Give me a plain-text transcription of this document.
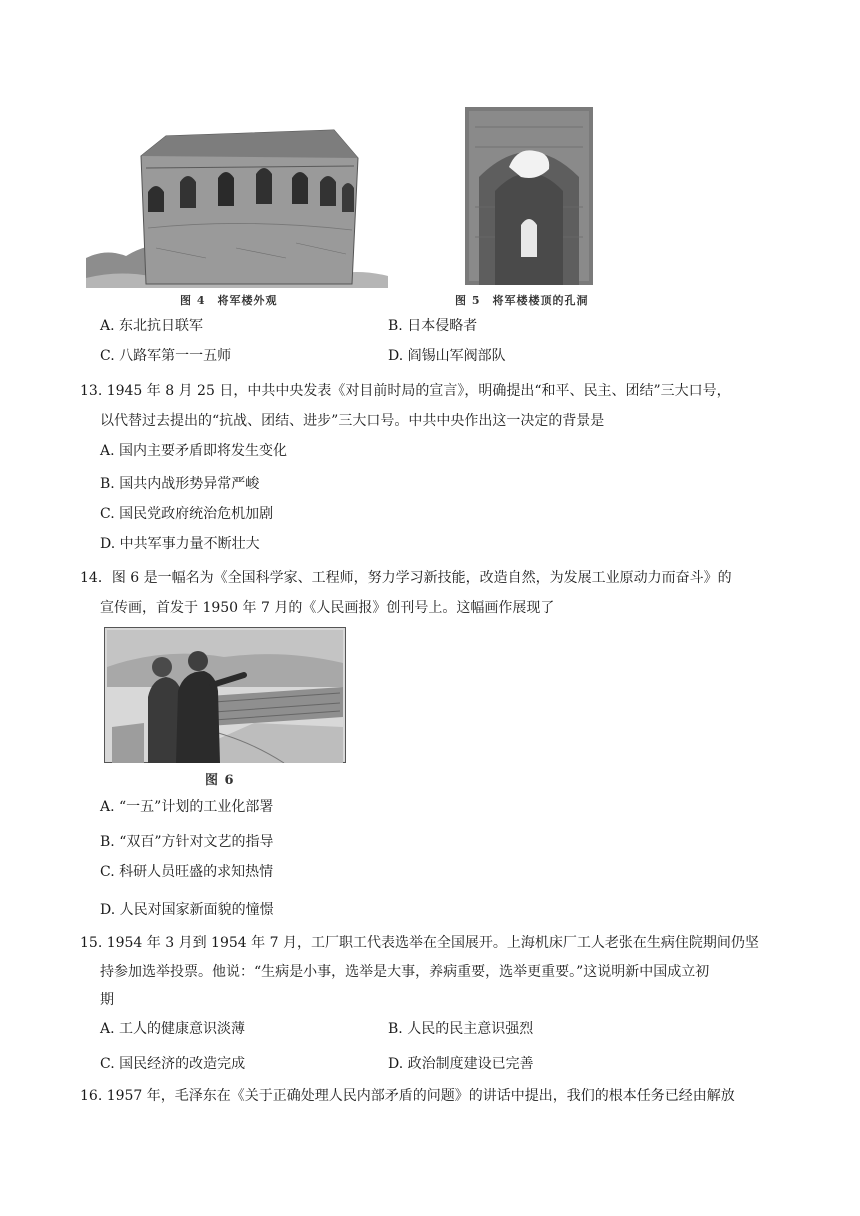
图 4　将军楼外观	图 5　将军楼楼顶的孔洞
A. 东北抗日联军	B. 日本侵略者
C. 八路军第一一五师	D. 阎锡山军阀部队
13. 1945 年 8 月 25 日，中共中央发表《对目前时局的宣言》，明确提出“和平、民主、团结”三大口号，
以代替过去提出的“抗战、团结、进步”三大口号。中共中央作出这一决定的背景是
A. 国内主要矛盾即将发生变化
B. 国共内战形势异常严峻
C. 国民党政府统治危机加剧
D. 中共军事力量不断壮大
14．图 6 是一幅名为《全国科学家、工程师，努力学习新技能，改造自然，为发展工业原动力而奋斗》的
宣传画，首发于 1950 年 7 月的《人民画报》创刊号上。这幅画作展现了
图 6
A. “一五”计划的工业化部署
B. “双百”方针对文艺的指导
C. 科研人员旺盛的求知热情
D. 人民对国家新面貌的憧憬
15. 1954 年 3 月到 1954 年 7 月，工厂职工代表选举在全国展开。上海机床厂工人老张在生病住院期间仍坚
持参加选举投票。他说：“生病是小事，选举是大事，养病重要，选举更重要。”这说明新中国成立初
期
A. 工人的健康意识淡薄	B. 人民的民主意识强烈
C. 国民经济的改造完成	D. 政治制度建设已完善
16. 1957 年，毛泽东在《关于正确处理人民内部矛盾的问题》的讲话中提出，我们的根本任务已经由解放
